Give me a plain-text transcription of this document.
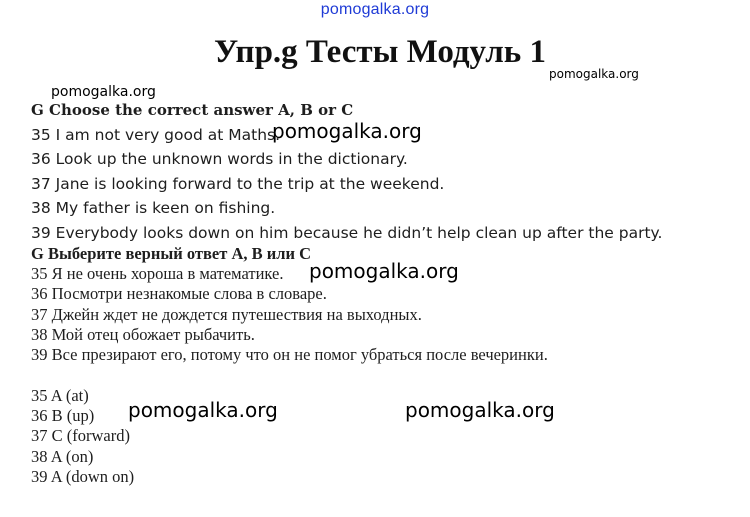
pomogalka.org
Упр.g Тесты Модуль 1
pomogalka.org
pomogalka.org
G Choose the correct answer A, B or C
35 I am not very good at Maths.
36 Look up the unknown words in the dictionary.
37 Jane is looking forward to the trip at the weekend.
38 My father is keen on fishing.
39 Everybody looks down on him because he didn’t help clean up after the party.
pomogalka.org
G Выберите верный ответ A, B или C
35 Я не очень хороша в математике.
36 Посмотри незнакомые слова в словаре.
37 Джейн ждет не дождется путешествия на выходных.
38 Мой отец обожает рыбачить.
39 Все презирают его, потому что он не помог убраться после вечеринки.
pomogalka.org
35 A (at)
36 B (up)
37 C (forward)
38 A (on)
39 A (down on)
pomogalka.org	pomogalka.org
